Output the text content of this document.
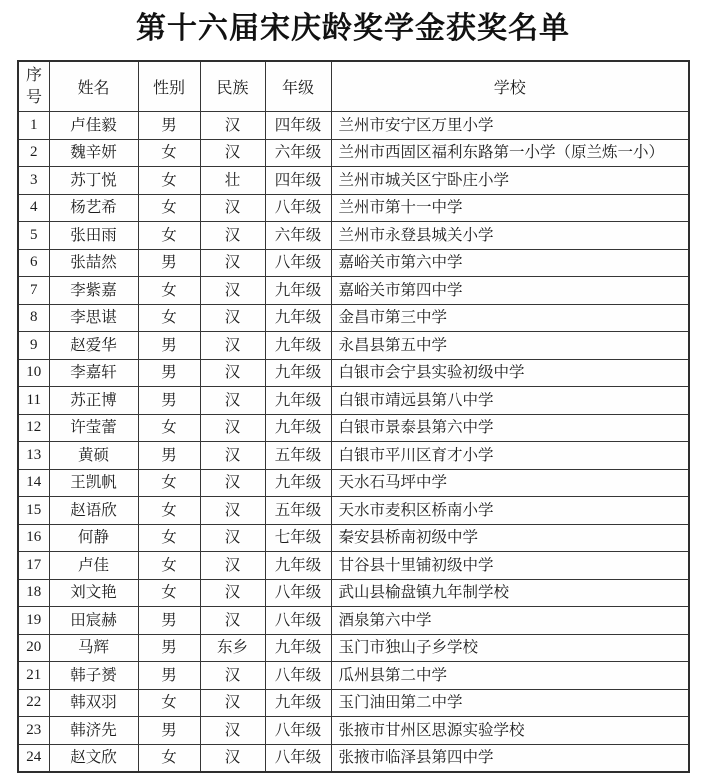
第十六届宋庆龄奖学金获奖名单
序号	姓名	性别	民族	年级	学校
1	卢佳毅	男	汉	四年级	兰州市安宁区万里小学
2	魏辛妍	女	汉	六年级	兰州市西固区福利东路第一小学（原兰炼一小）
3	苏丁悦	女	壮	四年级	兰州市城关区宁卧庄小学
4	杨艺希	女	汉	八年级	兰州市第十一中学
5	张田雨	女	汉	六年级	兰州市永登县城关小学
6	张喆然	男	汉	八年级	嘉峪关市第六中学
7	李紫嘉	女	汉	九年级	嘉峪关市第四中学
8	李思谌	女	汉	九年级	金昌市第三中学
9	赵爱华	男	汉	九年级	永昌县第五中学
10	李嘉轩	男	汉	九年级	白银市会宁县实验初级中学
11	苏正博	男	汉	九年级	白银市靖远县第八中学
12	许莹蕾	女	汉	九年级	白银市景泰县第六中学
13	黄硕	男	汉	五年级	白银市平川区育才小学
14	王凯帆	女	汉	九年级	天水石马坪中学
15	赵语欣	女	汉	五年级	天水市麦积区桥南小学
16	何静	女	汉	七年级	秦安县桥南初级中学
17	卢佳	女	汉	九年级	甘谷县十里铺初级中学
18	刘文艳	女	汉	八年级	武山县榆盘镇九年制学校
19	田宸赫	男	汉	八年级	酒泉第六中学
20	马辉	男	东乡	九年级	玉门市独山子乡学校
21	韩子赟	男	汉	八年级	瓜州县第二中学
22	韩双羽	女	汉	九年级	玉门油田第二中学
23	韩济先	男	汉	八年级	张掖市甘州区思源实验学校
24	赵文欣	女	汉	八年级	张掖市临泽县第四中学
